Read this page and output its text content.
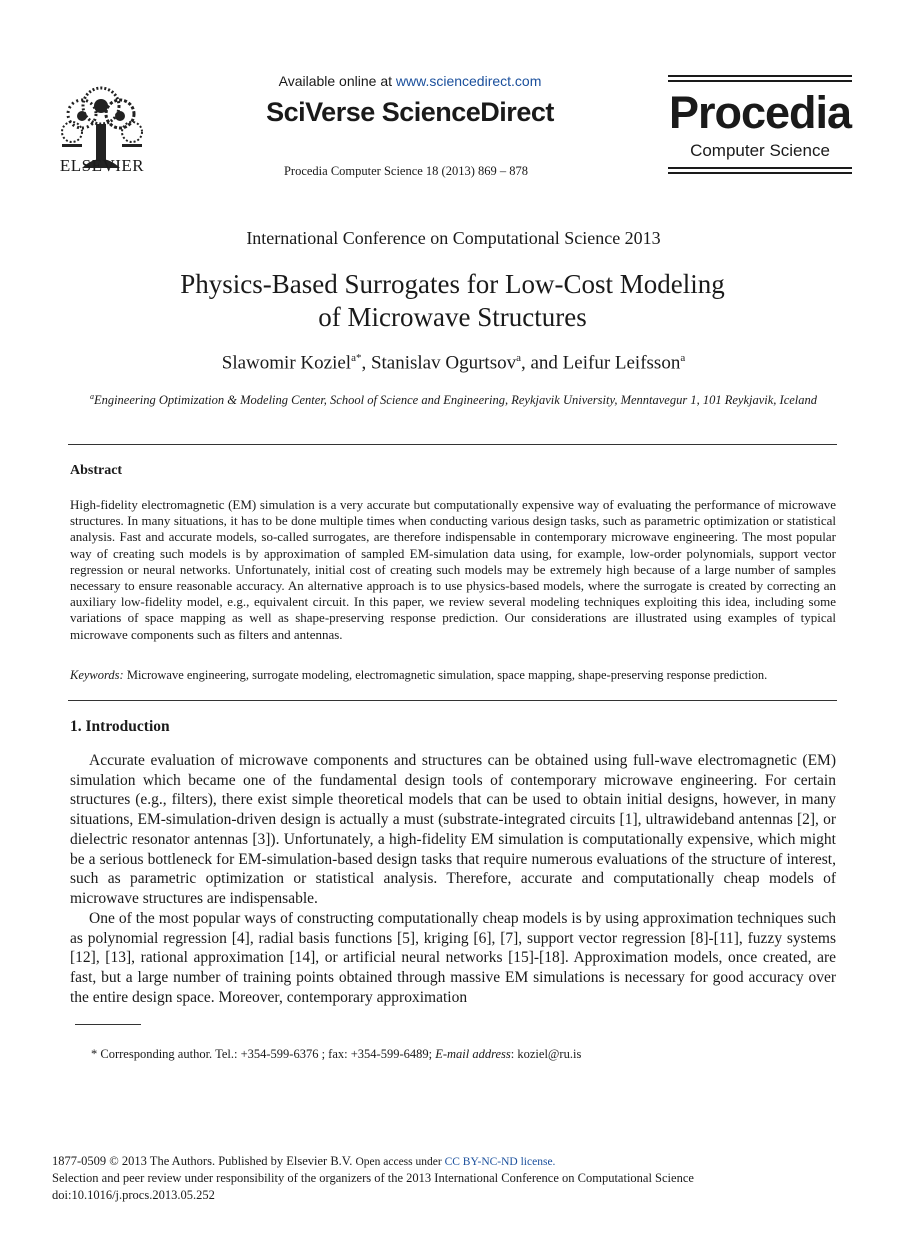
ELSEVIER
Available online at www.sciencedirect.com
SciVerse ScienceDirect
Procedia Computer Science 18 (2013) 869 – 878
Procedia
Computer Science
International Conference on Computational Science 2013
Physics-Based Surrogates for Low-Cost Modeling
of Microwave Structures
Slawomir Koziel$^{a*}$, Stanislav Ogurtsov$^a$, and Leifur Leifsson$^a$
$^a$Engineering Optimization & Modeling Center, School of Science and Engineering, Reykjavik University, Menntavegur 1, 101 Reykjavik, Iceland
Abstract
High-fidelity electromagnetic (EM) simulation is a very accurate but computationally expensive way of evaluating the performance of microwave structures. In many situations, it has to be done multiple times when conducting various design tasks, such as parametric optimization or statistical analysis. Fast and accurate models, so-called surrogates, are therefore indispensable in contemporary microwave engineering. The most popular way of creating such models is by approximation of sampled EM-simulation data using, for example, low-order polynomials, support vector regression or neural networks. Unfortunately, initial cost of creating such models may be extremely high because of a large number of samples necessary to ensure reasonable accuracy. An alternative approach is to use physics-based models, where the surrogate is created by correcting an auxiliary low-fidelity model, e.g., equivalent circuit. In this paper, we review several modeling techniques exploiting this idea, including some variations of space mapping as well as shape-preserving response prediction. Our considerations are illustrated using examples of typical microwave components such as filters and antennas.
Keywords: Microwave engineering, surrogate modeling, electromagnetic simulation, space mapping, shape-preserving response prediction.
1. Introduction
Accurate evaluation of microwave components and structures can be obtained using full-wave electromagnetic (EM) simulation which became one of the fundamental design tools of contemporary microwave engineering. For certain structures (e.g., filters), there exist simple theoretical models that can be used to obtain initial designs, however, in many situations, EM-simulation-driven design is actually a must (substrate-integrated circuits [1], ultrawideband antennas [2], or dielectric resonator antennas [3]). Unfortunately, a high-fidelity EM simulation is computationally expensive, which might be a serious bottleneck for EM-simulation-based design tasks that require numerous evaluations of the structure of interest, such as parametric optimization or statistical analysis. Therefore, accurate and computationally cheap models of microwave structures are indispensable.
One of the most popular ways of constructing computationally cheap models is by using approximation techniques such as polynomial regression [4], radial basis functions [5], kriging [6], [7], support vector regression [8]-[11], fuzzy systems [12], [13], rational approximation [14], or artificial neural networks [15]-[18]. Approximation models, once created, are fast, but a large number of training points obtained through massive EM simulations is necessary for good accuracy over the entire design space. Moreover, contemporary approximation
* Corresponding author. Tel.: +354-599-6376 ; fax: +354-599-6489; E-mail address: koziel@ru.is
1877-0509 © 2013 The Authors. Published by Elsevier B.V. Open access under CC BY-NC-ND license.
Selection and peer review under responsibility of the organizers of the 2013 International Conference on Computational Science
doi:10.1016/j.procs.2013.05.252
